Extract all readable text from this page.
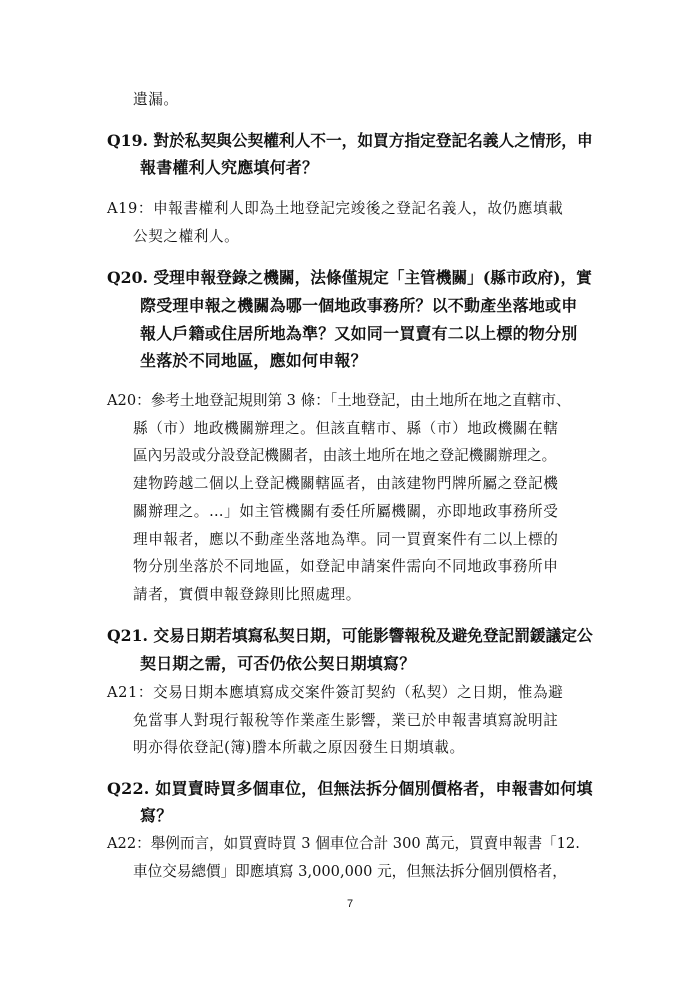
遺漏。
Q19. 對於私契與公契權利人不一，如買方指定登記名義人之情形，申
報書權利人究應填何者？
A19：申報書權利人即為土地登記完竣後之登記名義人，故仍應填載
公契之權利人。
Q20. 受理申報登錄之機關，法條僅規定「主管機關」(縣市政府)，實
際受理申報之機關為哪一個地政事務所？以不動產坐落地或申
報人戶籍或住居所地為準？又如同一買賣有二以上標的物分別
坐落於不同地區，應如何申報？
A20：參考土地登記規則第 3 條：「土地登記，由土地所在地之直轄市、
縣（市）地政機關辦理之。但該直轄市、縣（市）地政機關在轄
區內另設或分設登記機關者，由該土地所在地之登記機關辦理之。
建物跨越二個以上登記機關轄區者，由該建物門牌所屬之登記機
關辦理之。…」如主管機關有委任所屬機關，亦即地政事務所受
理申報者，應以不動產坐落地為準。同一買賣案件有二以上標的
物分別坐落於不同地區，如登記申請案件需向不同地政事務所申
請者，實價申報登錄則比照處理。
Q21. 交易日期若填寫私契日期，可能影響報稅及避免登記罰鍰議定公
契日期之需，可否仍依公契日期填寫？
A21：交易日期本應填寫成交案件簽訂契約（私契）之日期，惟為避
免當事人對現行報稅等作業產生影響，業已於申報書填寫說明註
明亦得依登記(簿)謄本所載之原因發生日期填載。
Q22. 如買賣時買多個車位，但無法拆分個別價格者，申報書如何填
寫？
A22：舉例而言，如買賣時買 3 個車位合計 300 萬元，買賣申報書「12.
車位交易總價」即應填寫 3,000,000 元，但無法拆分個別價格者，
7
